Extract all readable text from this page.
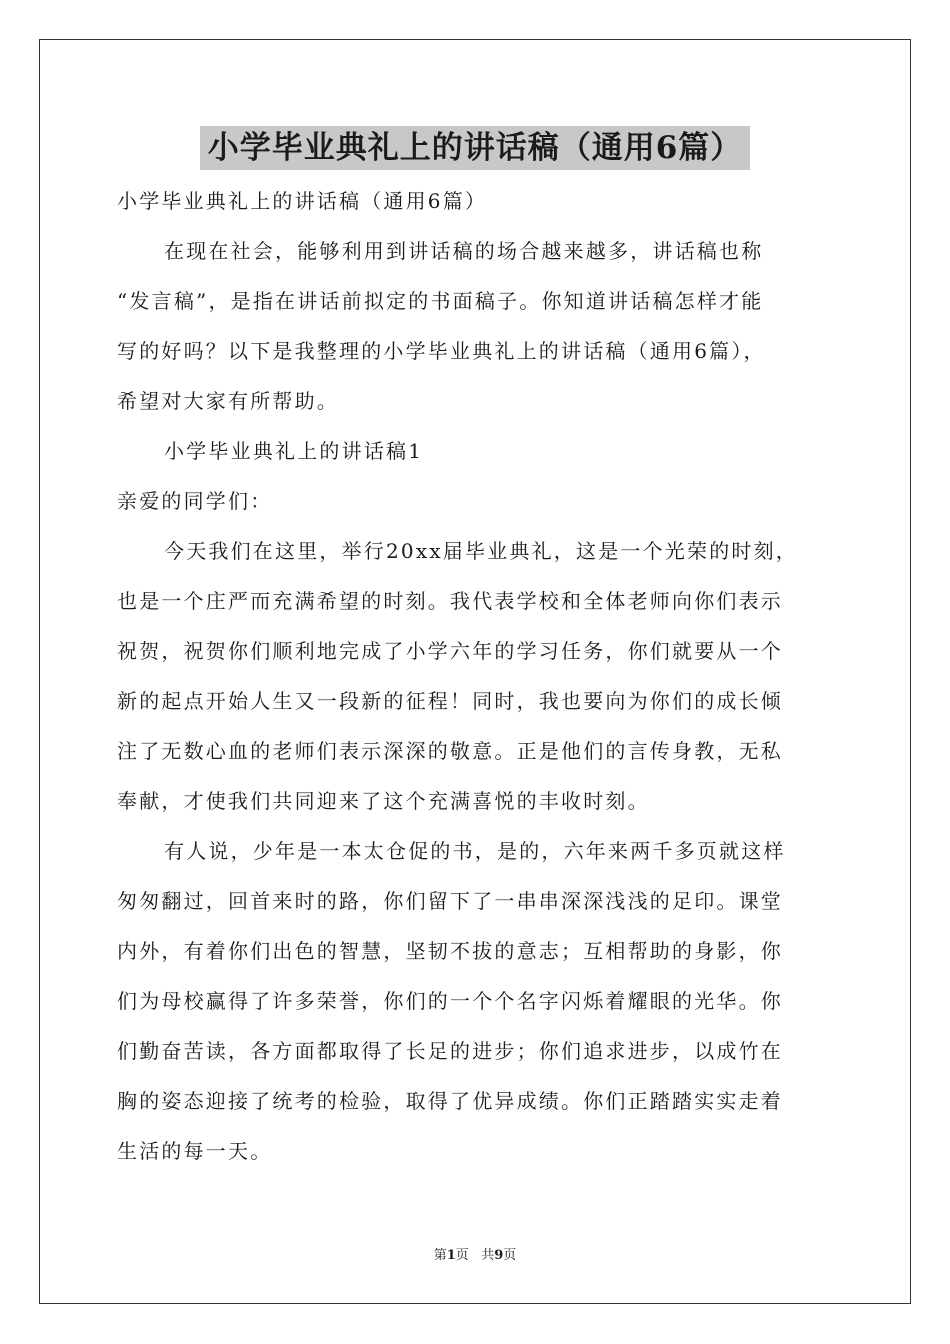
小学毕业典礼上的讲话稿（通用6篇）
小学毕业典礼上的讲话稿（通用6篇）
在现在社会，能够利用到讲话稿的场合越来越多，讲话稿也称
“发言稿”，是指在讲话前拟定的书面稿子。你知道讲话稿怎样才能
写的好吗？以下是我整理的小学毕业典礼上的讲话稿（通用6篇），
希望对大家有所帮助。
小学毕业典礼上的讲话稿1
亲爱的同学们：
今天我们在这里，举行20xx届毕业典礼，这是一个光荣的时刻，
也是一个庄严而充满希望的时刻。我代表学校和全体老师向你们表示
祝贺，祝贺你们顺利地完成了小学六年的学习任务，你们就要从一个
新的起点开始人生又一段新的征程！同时，我也要向为你们的成长倾
注了无数心血的老师们表示深深的敬意。正是他们的言传身教，无私
奉献，才使我们共同迎来了这个充满喜悦的丰收时刻。
有人说，少年是一本太仓促的书，是的，六年来两千多页就这样
匆匆翻过，回首来时的路，你们留下了一串串深深浅浅的足印。课堂
内外，有着你们出色的智慧，坚韧不拔的意志；互相帮助的身影，你
们为母校赢得了许多荣誉，你们的一个个名字闪烁着耀眼的光华。你
们勤奋苦读，各方面都取得了长足的进步；你们追求进步，以成竹在
胸的姿态迎接了统考的检验，取得了优异成绩。你们正踏踏实实走着
生活的每一天。
第1页 共9页
